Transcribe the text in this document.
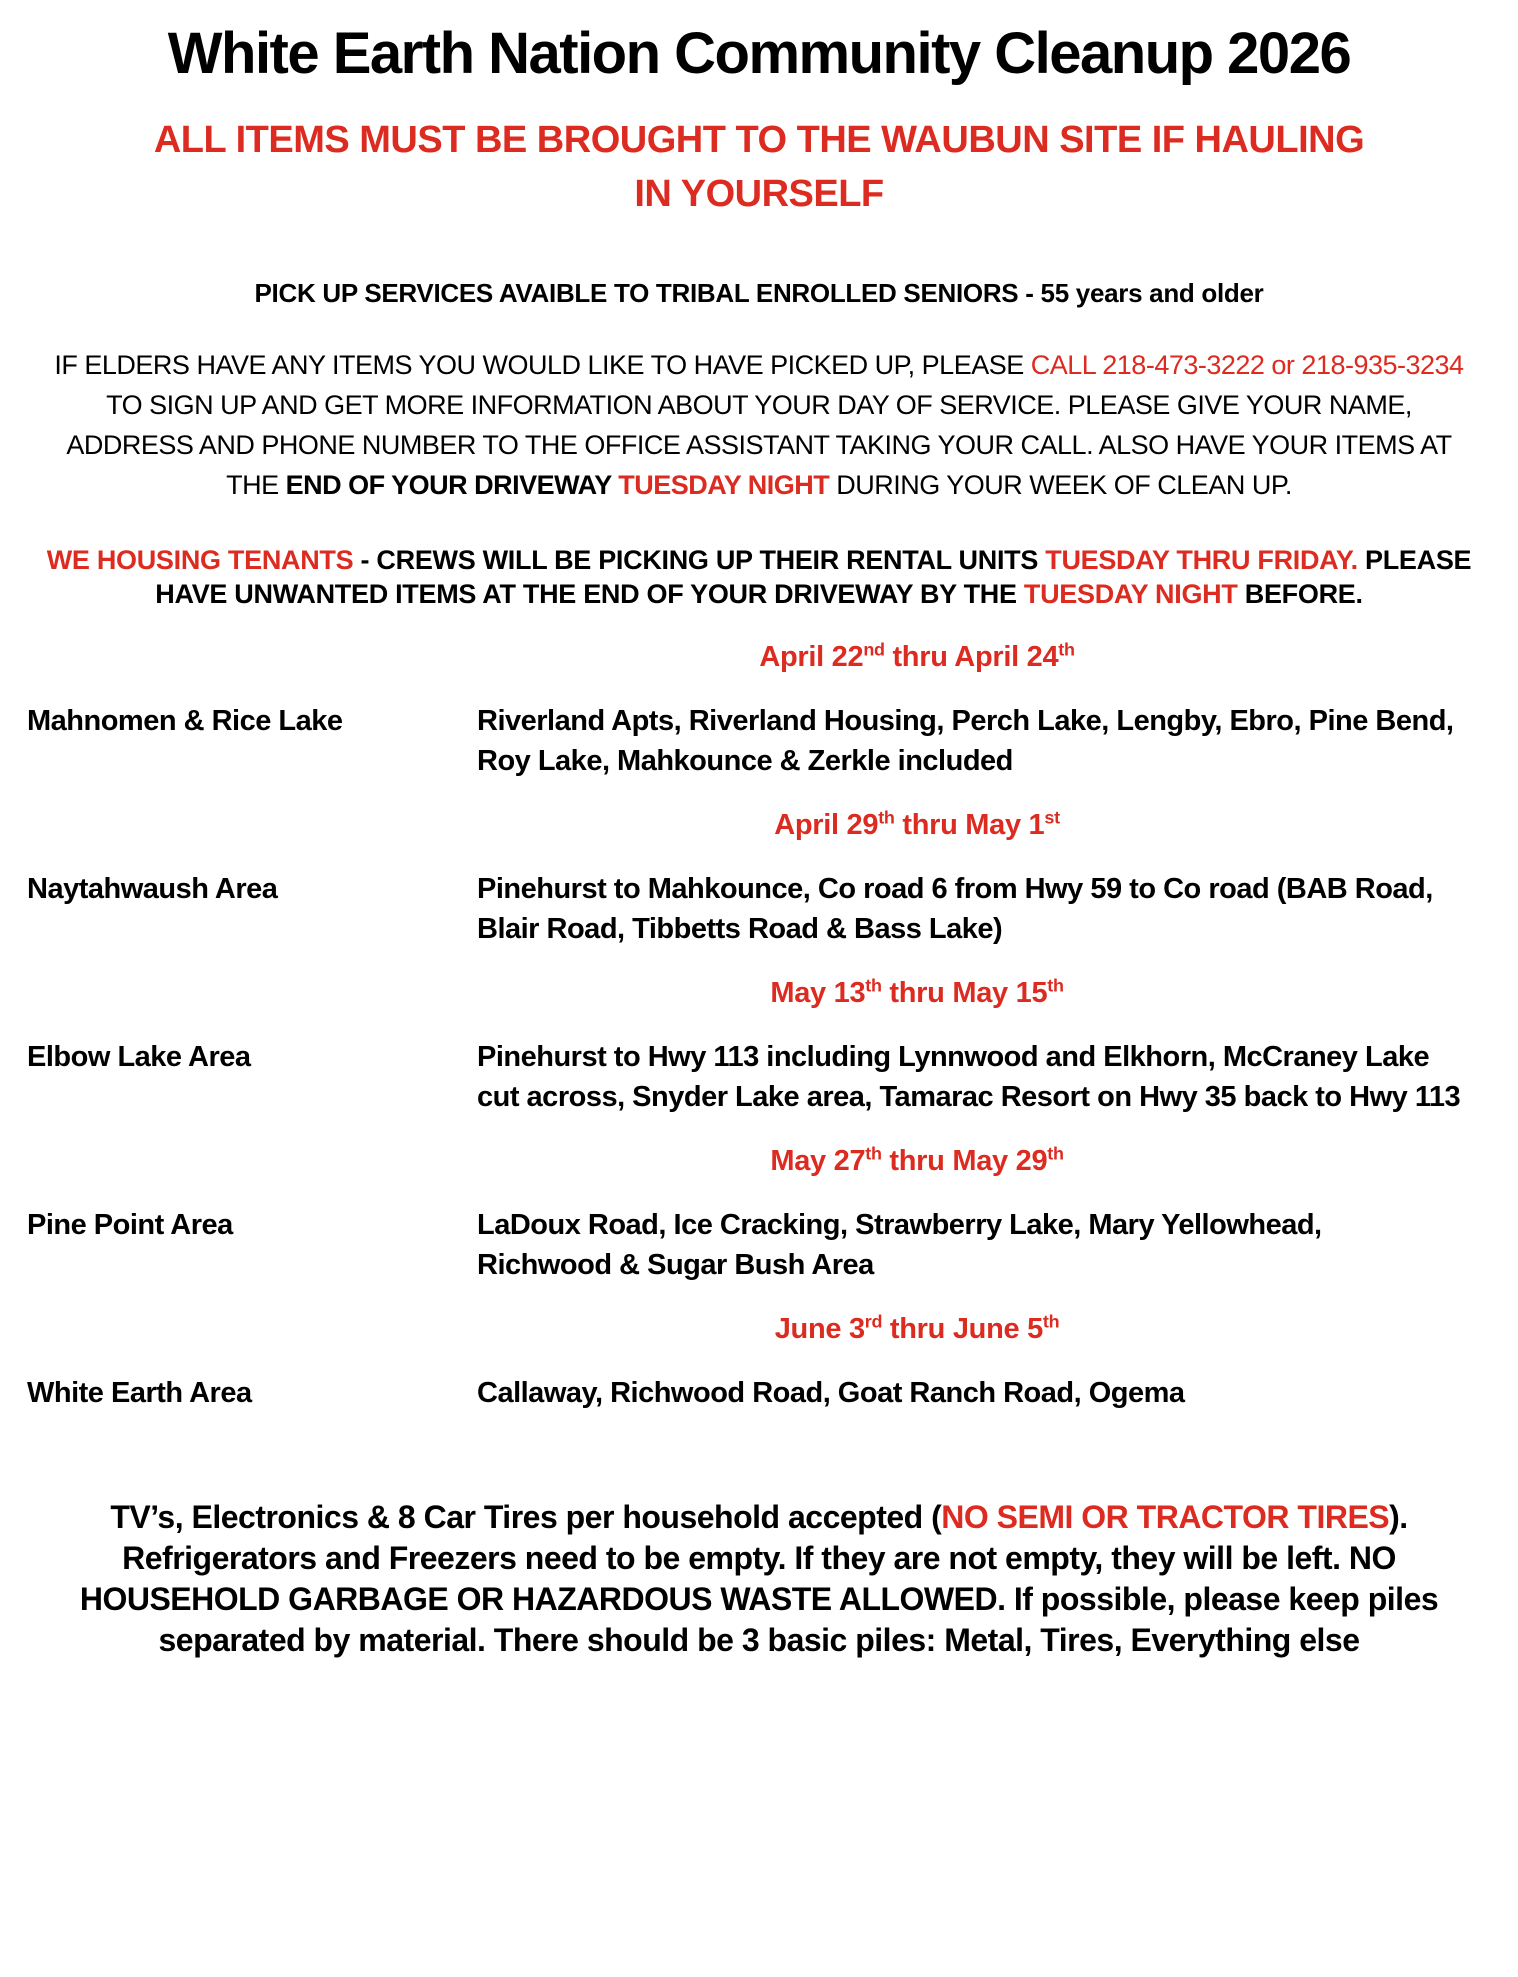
White Earth Nation Community Cleanup 2026
ALL ITEMS MUST BE BROUGHT TO THE WAUBUN SITE IF HAULING IN YOURSELF

PICK UP SERVICES AVAIBLE TO TRIBAL ENROLLED SENIORS - 55 years and older

IF ELDERS HAVE ANY ITEMS YOU WOULD LIKE TO HAVE PICKED UP, PLEASE CALL 218-473-3222 or 218-935-3234 TO SIGN UP AND GET MORE INFORMATION ABOUT YOUR DAY OF SERVICE. PLEASE GIVE YOUR NAME, ADDRESS AND PHONE NUMBER TO THE OFFICE ASSISTANT TAKING YOUR CALL. ALSO HAVE YOUR ITEMS AT THE END OF YOUR DRIVEWAY TUESDAY NIGHT DURING YOUR WEEK OF CLEAN UP.

WE HOUSING TENANTS - CREWS WILL BE PICKING UP THEIR RENTAL UNITS TUESDAY THRU FRIDAY. PLEASE HAVE UNWANTED ITEMS AT THE END OF YOUR DRIVEWAY BY THE TUESDAY NIGHT BEFORE.

April 22nd thru April 24th
Mahnomen & Rice Lake	Riverland Apts, Riverland Housing, Perch Lake, Lengby, Ebro, Pine Bend, Roy Lake, Mahkounce & Zerkle included
April 29th thru May 1st
Naytahwaush Area	Pinehurst to Mahkounce, Co road 6 from Hwy 59 to Co road (BAB Road, Blair Road, Tibbetts Road & Bass Lake)
May 13th thru May 15th
Elbow Lake Area	Pinehurst to Hwy 113 including Lynnwood and Elkhorn, McCraney Lake cut across, Snyder Lake area, Tamarac Resort on Hwy 35 back to Hwy 113
May 27th thru May 29th
Pine Point Area	LaDoux Road, Ice Cracking, Strawberry Lake, Mary Yellowhead, Richwood & Sugar Bush Area
June 3rd thru June 5th
White Earth Area	Callaway, Richwood Road, Goat Ranch Road, Ogema

TV’s, Electronics & 8 Car Tires per household accepted (NO SEMI OR TRACTOR TIRES). Refrigerators and Freezers need to be empty. If they are not empty, they will be left. NO HOUSEHOLD GARBAGE OR HAZARDOUS WASTE ALLOWED. If possible, please keep piles separated by material. There should be 3 basic piles: Metal, Tires, Everything else
